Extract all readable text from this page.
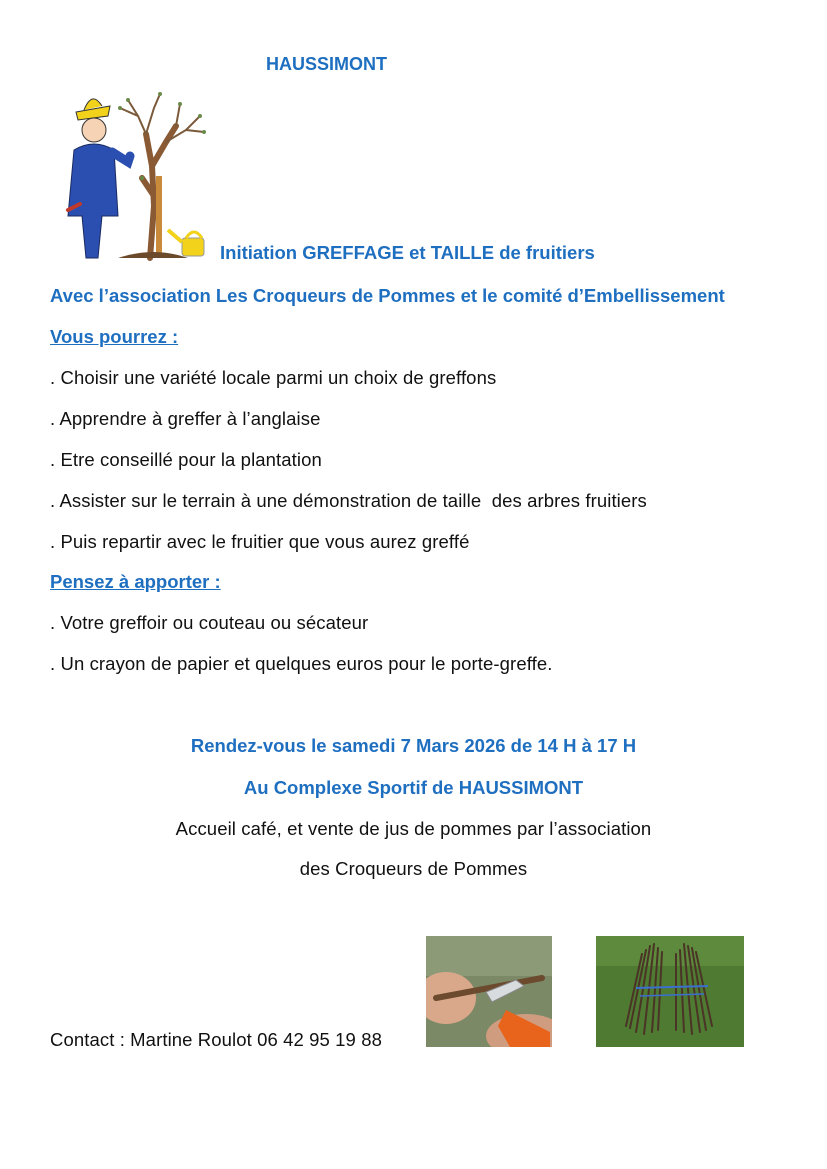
HAUSSIMONT
Initiation GREFFAGE et TAILLE de fruitiers
Avec l’association Les Croqueurs de Pommes et le comité d’Embellissement
Vous pourrez :
. Choisir une variété locale parmi un choix de greffons
. Apprendre à greffer à l’anglaise
. Etre conseillé pour la plantation
. Assister sur le terrain à une démonstration de taille  des arbres fruitiers
. Puis repartir avec le fruitier que vous aurez greffé
Pensez à apporter :
. Votre greffoir ou couteau ou sécateur
. Un crayon de papier et quelques euros pour le porte-greffe.
Rendez-vous le samedi 7 Mars 2026 de 14 H à 17 H
Au Complexe Sportif de HAUSSIMONT
Accueil café, et vente de jus de pommes par l’association
des Croqueurs de Pommes
Contact : Martine Roulot 06 42 95 19 88
